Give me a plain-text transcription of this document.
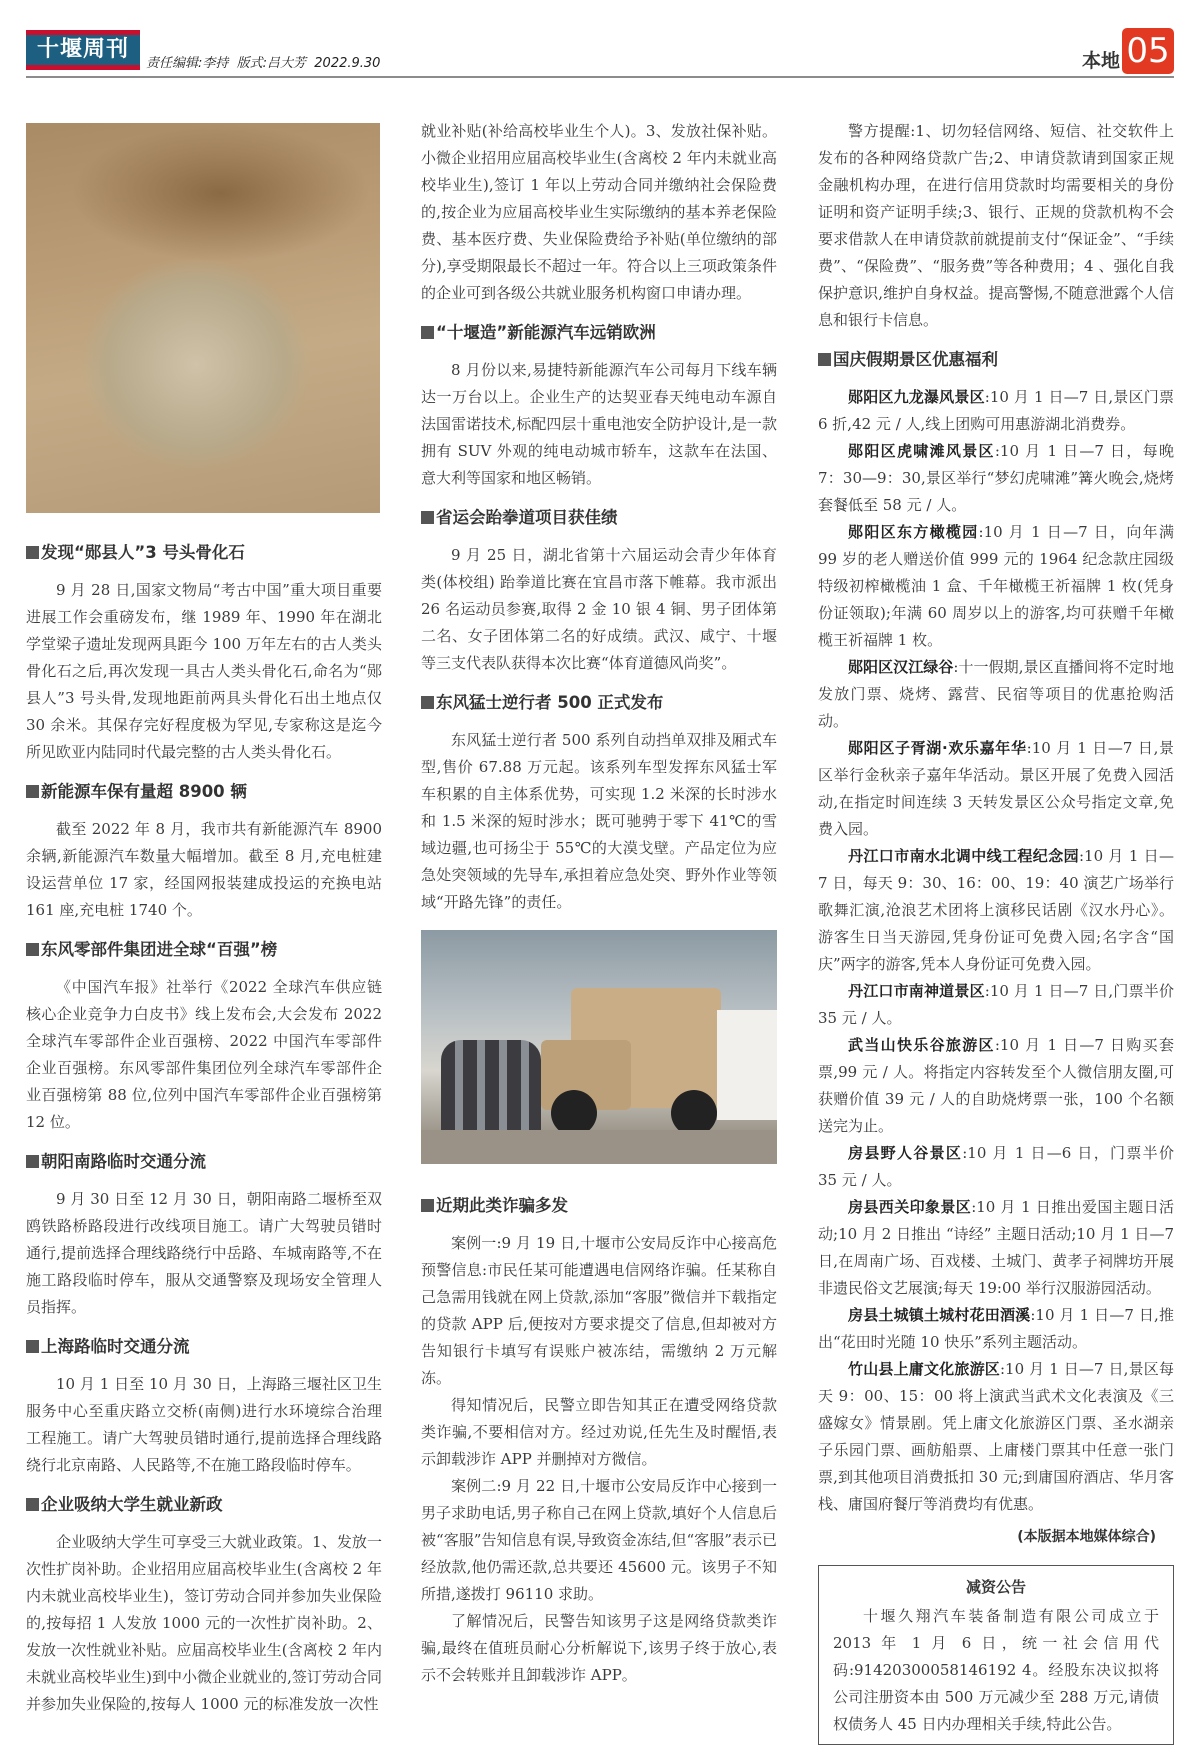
十堰周刊
责任编辑:李持  版式:吕大芳  2022.9.30	本地 05
发现“郧县人”3 号头骨化石

9 月 28 日,国家文物局“考古中国”重大项目重要进展工作会重磅发布，继 1989 年、1990 年在湖北学堂梁子遗址发现两具距今 100 万年左右的古人类头骨化石之后,再次发现一具古人类头骨化石,命名为“郧县人”3 号头骨,发现地距前两具头骨化石出土地点仅 30 余米。其保存完好程度极为罕见,专家称这是迄今所见欧亚内陆同时代最完整的古人类头骨化石。

新能源车保有量超 8900 辆

截至 2022 年 8 月，我市共有新能源汽车 8900 余辆,新能源汽车数量大幅增加。截至 8 月,充电桩建设运营单位 17 家，经国网报装建成投运的充换电站 161 座,充电桩 1740 个。

东风零部件集团进全球“百强”榜

《中国汽车报》社举行《2022 全球汽车供应链核心企业竞争力白皮书》线上发布会,大会发布 2022 全球汽车零部件企业百强榜、2022 中国汽车零部件企业百强榜。东风零部件集团位列全球汽车零部件企业百强榜第 88 位,位列中国汽车零部件企业百强榜第 12 位。

朝阳南路临时交通分流

9 月 30 日至 12 月 30 日，朝阳南路二堰桥至双鸥铁路桥路段进行改线项目施工。请广大驾驶员错时通行,提前选择合理线路绕行中岳路、车城南路等,不在施工路段临时停车，服从交通警察及现场安全管理人员指挥。

上海路临时交通分流

10 月 1 日至 10 月 30 日，上海路三堰社区卫生服务中心至重庆路立交桥(南侧)进行水环境综合治理工程施工。请广大驾驶员错时通行,提前选择合理线路绕行北京南路、人民路等,不在施工路段临时停车。

企业吸纳大学生就业新政

企业吸纳大学生可享受三大就业政策。1、发放一次性扩岗补助。企业招用应届高校毕业生(含离校 2 年内未就业高校毕业生)，签订劳动合同并参加失业保险的,按每招 1 人发放 1000 元的一次性扩岗补助。2、发放一次性就业补贴。应届高校毕业生(含离校 2 年内未就业高校毕业生)到中小微企业就业的,签订劳动合同并参加失业保险的,按每人 1000 元的标准发放一次性

就业补贴(补给高校毕业生个人)。3、发放社保补贴。小微企业招用应届高校毕业生(含离校 2 年内未就业高校毕业生),签订 1 年以上劳动合同并缴纳社会保险费的,按企业为应届高校毕业生实际缴纳的基本养老保险费、基本医疗费、失业保险费给予补贴(单位缴纳的部分),享受期限最长不超过一年。符合以上三项政策条件的企业可到各级公共就业服务机构窗口申请办理。

“十堰造”新能源汽车远销欧洲

8 月份以来,易捷特新能源汽车公司每月下线车辆达一万台以上。企业生产的达契亚春天纯电动车源自法国雷诺技术,标配四层十重电池安全防护设计,是一款拥有 SUV 外观的纯电动城市轿车，这款车在法国、意大利等国家和地区畅销。

省运会跆拳道项目获佳绩

9 月 25 日，湖北省第十六届运动会青少年体育类(体校组) 跆拳道比赛在宜昌市落下帷幕。我市派出 26 名运动员参赛,取得 2 金 10 银 4 铜、男子团体第二名、女子团体第二名的好成绩。武汉、咸宁、十堰等三支代表队获得本次比赛“体育道德风尚奖”。

东风猛士逆行者 500 正式发布

东风猛士逆行者 500 系列自动挡单双排及厢式车型,售价 67.88 万元起。该系列车型发挥东风猛士军车积累的自主体系优势，可实现 1.2 米深的长时涉水和 1.5 米深的短时涉水；既可驰骋于零下 41℃的雪域边疆,也可扬尘于 55℃的大漠戈壁。产品定位为应急处突领域的先导车,承担着应急处突、野外作业等领域“开路先锋”的责任。

近期此类诈骗多发

案例一:9 月 19 日,十堰市公安局反诈中心接高危预警信息:市民任某可能遭遇电信网络诈骗。任某称自己急需用钱就在网上贷款,添加“客服”微信并下载指定的贷款 APP 后,便按对方要求提交了信息,但却被对方告知银行卡填写有误账户被冻结，需缴纳 2 万元解冻。

得知情况后，民警立即告知其正在遭受网络贷款类诈骗,不要相信对方。经过劝说,任先生及时醒悟,表示卸载涉诈 APP 并删掉对方微信。

案例二:9 月 22 日,十堰市公安局反诈中心接到一男子求助电话,男子称自己在网上贷款,填好个人信息后被“客服”告知信息有误,导致资金冻结,但“客服”表示已经放款,他仍需还款,总共要还 45600 元。该男子不知所措,遂拨打 96110 求助。

了解情况后，民警告知该男子这是网络贷款类诈骗,最终在值班员耐心分析解说下,该男子终于放心,表示不会转账并且卸载涉诈 APP。

警方提醒:1、切勿轻信网络、短信、社交软件上发布的各种网络贷款广告;2、申请贷款请到国家正规金融机构办理，在进行信用贷款时均需要相关的身份证明和资产证明手续;3、银行、正规的贷款机构不会要求借款人在申请贷款前就提前支付“保证金”、“手续费”、“保险费”、“服务费”等各种费用；4 、强化自我保护意识,维护自身权益。提高警惕,不随意泄露个人信息和银行卡信息。

国庆假期景区优惠福利

郧阳区九龙瀑风景区:10 月 1 日—7 日,景区门票 6 折,42 元 / 人,线上团购可用惠游湖北消费券。

郧阳区虎啸滩风景区:10 月 1 日—7 日，每晚 7：30—9：30,景区举行“梦幻虎啸滩”篝火晚会,烧烤套餐低至 58 元 / 人。

郧阳区东方橄榄园:10 月 1 日—7 日，向年满 99 岁的老人赠送价值 999 元的 1964 纪念款庄园级特级初榨橄榄油 1 盒、千年橄榄王祈福牌 1 枚(凭身份证领取);年满 60 周岁以上的游客,均可获赠千年橄榄王祈福牌 1 枚。

郧阳区汉江绿谷:十一假期,景区直播间将不定时地发放门票、烧烤、露营、民宿等项目的优惠抢购活动。

郧阳区子胥湖·欢乐嘉年华:10 月 1 日—7 日,景区举行金秋亲子嘉年华活动。景区开展了免费入园活动,在指定时间连续 3 天转发景区公众号指定文章,免费入园。

丹江口市南水北调中线工程纪念园:10 月 1 日—7 日，每天 9：30、16：00、19：40 演艺广场举行歌舞汇演,沧浪艺术团将上演移民话剧《汉水丹心》。游客生日当天游园,凭身份证可免费入园;名字含“国庆”两字的游客,凭本人身份证可免费入园。

丹江口市南神道景区:10 月 1 日—7 日,门票半价 35 元 / 人。

武当山快乐谷旅游区:10 月 1 日—7 日购买套票,99 元 / 人。将指定内容转发至个人微信朋友圈,可获赠价值 39 元 / 人的自助烧烤票一张，100 个名额送完为止。

房县野人谷景区:10 月 1 日—6 日，门票半价 35 元 / 人。

房县西关印象景区:10 月 1 日推出爱国主题日活动;10 月 2 日推出 “诗经” 主题日活动;10 月 1 日—7 日,在周南广场、百戏楼、土城门、黄孝子祠牌坊开展非遗民俗文艺展演;每天 19:00 举行汉服游园活动。

房县土城镇土城村花田酒溪:10 月 1 日—7 日,推出“花田时光随 10 快乐”系列主题活动。

竹山县上庸文化旅游区:10 月 1 日—7 日,景区每天 9：00、15：00 将上演武当武术文化表演及《三盛嫁女》情景剧。凭上庸文化旅游区门票、圣水湖亲子乐园门票、画舫船票、上庸楼门票其中任意一张门票,到其他项目消费抵扣 30 元;到庸国府酒店、华月客栈、庸国府餐厅等消费均有优惠。

(本版据本地媒体综合)
减资公告

十堰久翔汽车装备制造有限公司成立于 2013 年 1 月 6 日，统一社会信用代码:91420300058146192 4。经股东决议拟将公司注册资本由 500 万元减少至 288 万元,请债权债务人 45 日内办理相关手续,特此公告。
